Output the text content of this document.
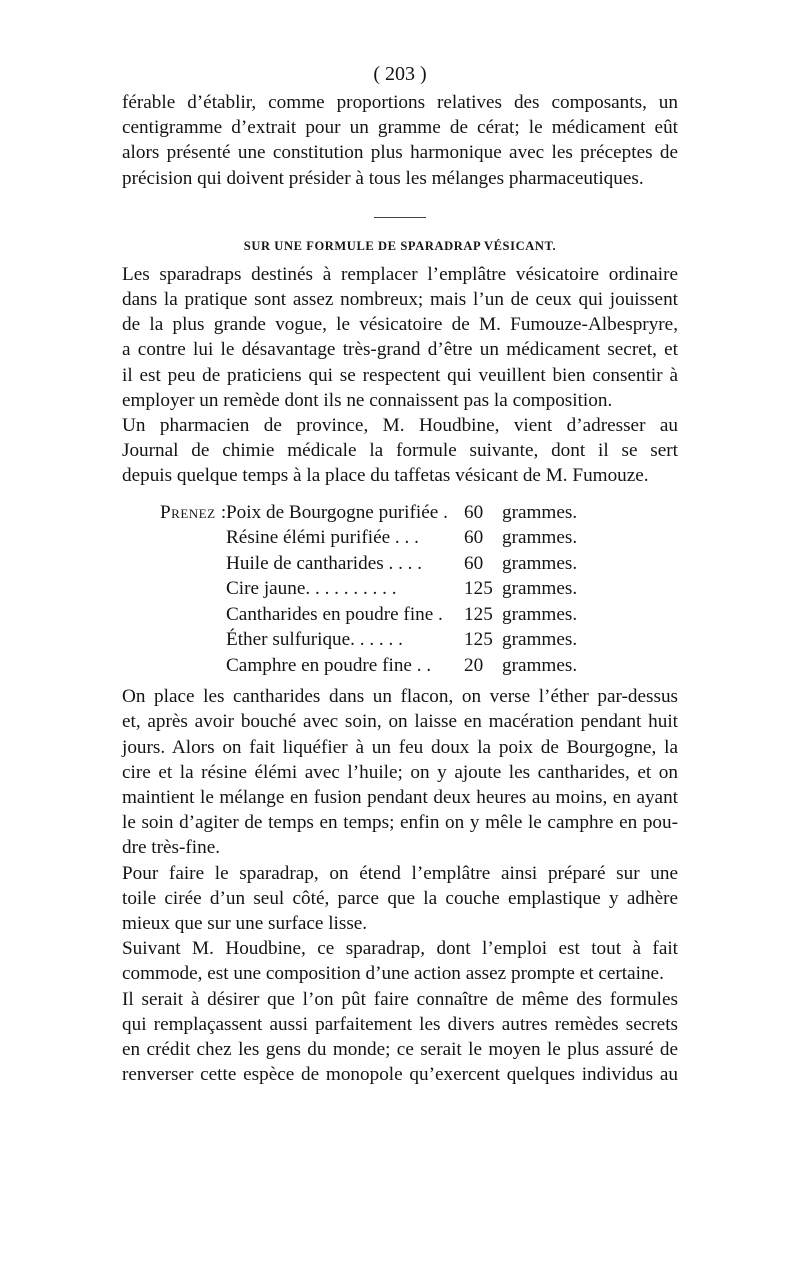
( 203 )

férable d’établir, comme proportions relatives des composants, un
centigramme d’extrait pour un gramme de cérat; le médicament eût
alors présenté une constitution plus harmonique avec les préceptes de
précision qui doivent présider à tous les mélanges pharmaceutiques.

SUR UNE FORMULE DE SPARADRAP VÉSICANT.

Les sparadraps destinés à remplacer l’emplâtre vésicatoire ordinaire
dans la pratique sont assez nombreux; mais l’un de ceux qui jouissent
de la plus grande vogue, le vésicatoire de M. Fumouze-Albespryre,
a contre lui le désavantage très-grand d’être un médicament secret, et
il est peu de praticiens qui se respectent qui veuillent bien consentir à
employer un remède dont ils ne connaissent pas la composition.

Un pharmacien de province, M. Houdbine, vient d’adresser au
Journal de chimie médicale la formule suivante, dont il se sert
depuis quelque temps à la place du taffetas vésicant de M. Fumouze.

Prenez : Poix de Bourgogne purifiée . 60 grammes.
Résine élémi purifiée . . . 60 grammes.
Huile de cantharides . . . . 60 grammes.
Cire jaune. . . . . . . . . .	125 grammes.
Cantharides en poudre fine . 125 grammes.
Éther sulfurique. . . . . .	125 grammes.
Camphre en poudre fine . . 20 grammes.

On place les cantharides dans un flacon, on verse l’éther par-dessus
et, après avoir bouché avec soin, on laisse en macération pendant huit
jours. Alors on fait liquéfier à un feu doux la poix de Bourgogne, la
cire et la résine élémi avec l’huile; on y ajoute les cantharides, et on
maintient le mélange en fusion pendant deux heures au moins, en ayant
le soin d’agiter de temps en temps; enfin on y mêle le camphre en pou-
dre très-fine.

Pour faire le sparadrap, on étend l’emplâtre ainsi préparé sur une
toile cirée d’un seul côté, parce que la couche emplastique y adhère
mieux que sur une surface lisse.

Suivant M. Houdbine, ce sparadrap, dont l’emploi est tout à fait
commode, est une composition d’une action assez prompte et certaine.

Il serait à désirer que l’on pût faire connaître de même des formules
qui remplaçassent aussi parfaitement les divers autres remèdes secrets
en crédit chez les gens du monde; ce serait le moyen le plus assuré de
renverser cette espèce de monopole qu’exercent quelques individus au
